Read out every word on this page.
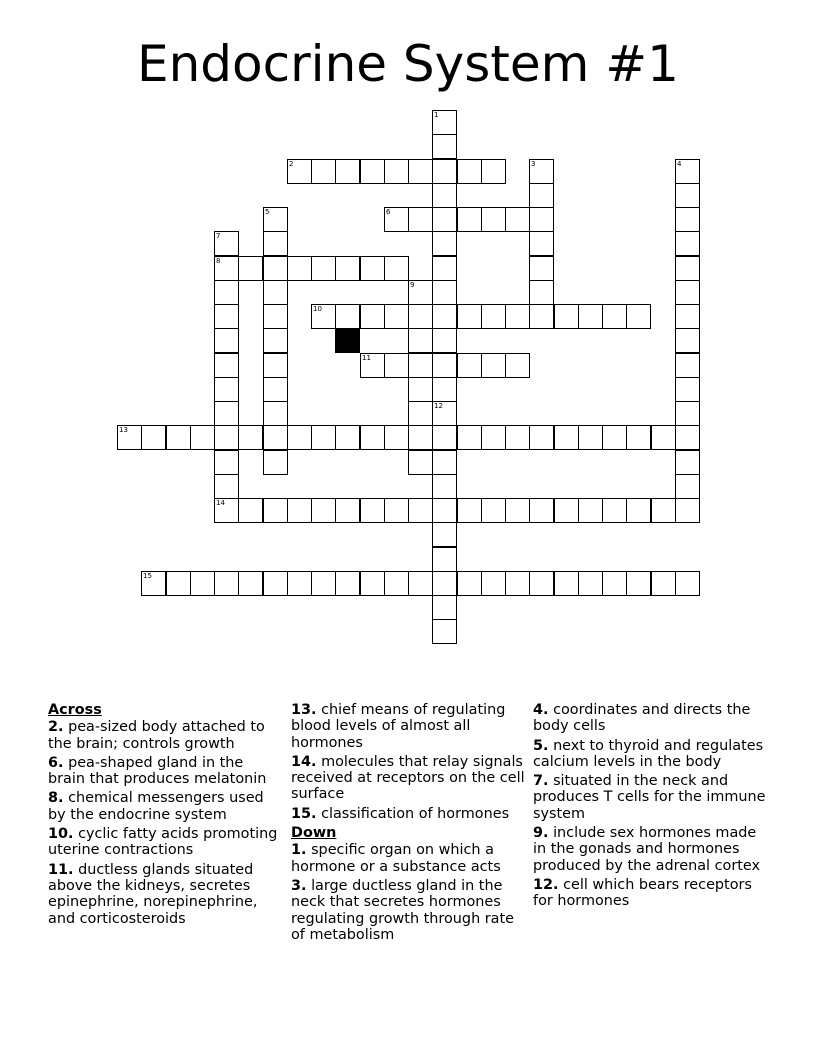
Endocrine System #1
1
12
2	3	4
5	6
7
8
14
9
10
11
13
15
Across
2. pea-sized body attached to the brain; controls growth
6. pea-shaped gland in the brain that produces melatonin
8. chemical messengers used by the endocrine system
10. cyclic fatty acids promoting uterine contractions
11. ductless glands situated above the kidneys, secretes epinephrine, norepinephrine, and corticosteroids
13. chief means of regulating blood levels of almost all hormones
14. molecules that relay signals received at receptors on the cell surface
15. classification of hormones
Down
1. specific organ on which a hormone or a substance acts
3. large ductless gland in the neck that secretes hormones regulating growth through rate of metabolism
4. coordinates and directs the body cells
5. next to thyroid and regulates calcium levels in the body
7. situated in the neck and produces T cells for the immune system
9. include sex hormones made in the gonads and hormones produced by the adrenal cortex
12. cell which bears receptors for hormones
